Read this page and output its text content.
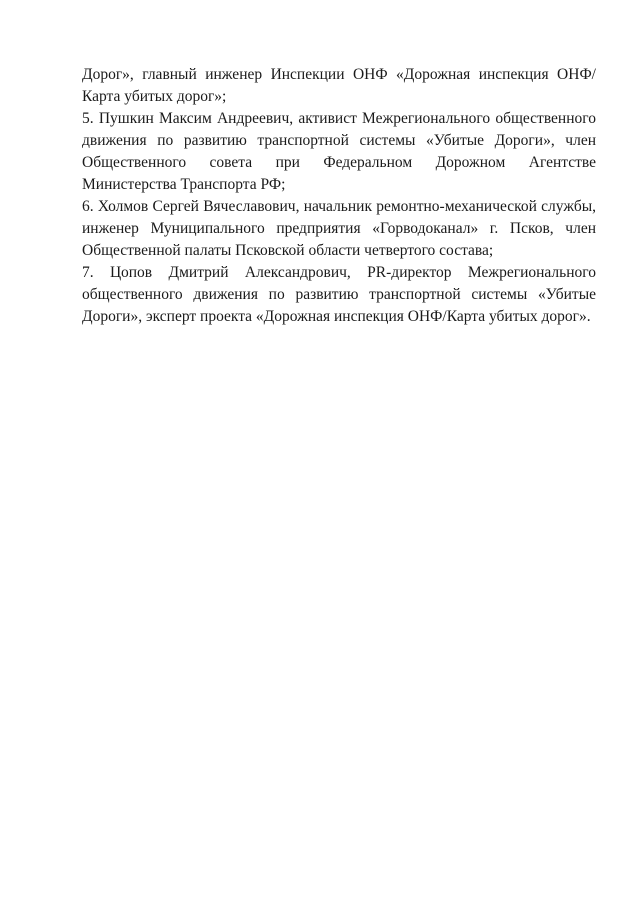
Дорог», главный инженер Инспекции ОНФ «Дорожная инспекция ОНФ/Карта убитых дорог»;

5. Пушкин Максим Андреевич, активист Межрегионального общественного движения по развитию транспортной системы «Убитые Дороги», член Общественного совета при Федеральном Дорожном Агентстве Министерства Транспорта РФ;

6. Холмов Сергей Вячеславович, начальник ремонтно-механической службы, инженер Муниципального предприятия «Горводоканал» г. Псков, член Общественной палаты Псковской области четвертого состава;

7. Цопов Дмитрий Александрович, PR-директор Межрегионального общественного движения по развитию транспортной системы «Убитые Дороги», эксперт проекта «Дорожная инспекция ОНФ/Карта убитых дорог».
